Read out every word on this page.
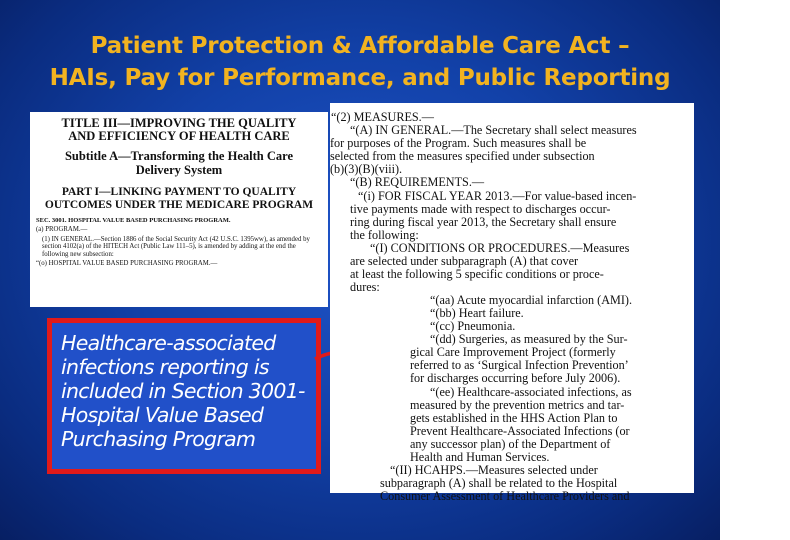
Patient Protection & Affordable Care Act –
HAIs, Pay for Performance, and Public Reporting
TITLE III—IMPROVING THE QUALITY
AND EFFICIENCY OF HEALTH CARE
Subtitle A—Transforming the Health Care
Delivery System
PART I—LINKING PAYMENT TO QUALITY
OUTCOMES UNDER THE MEDICARE PROGRAM
SEC. 3001. HOSPITAL VALUE BASED PURCHASING PROGRAM.
(a) PROGRAM.—
(1) IN GENERAL.—Section 1886 of the Social Security Act (42 U.S.C. 1395ww), as amended by section 4102(a) of the HITECH Act (Public Law 111–5), is amended by adding at the end the following new subsection:
“(o) HOSPITAL VALUE BASED PURCHASING PROGRAM.—
Healthcare-associated infections reporting is included in Section 3001- Hospital Value Based Purchasing Program
“(2) MEASURES.—
“(A) IN GENERAL.—The Secretary shall select measures
for purposes of the Program. Such measures shall be
selected from the measures specified under subsection
(b)(3)(B)(viii).
“(B) REQUIREMENTS.—
“(i) FOR FISCAL YEAR 2013.—For value-based incen-
tive payments made with respect to discharges occur-
ring during fiscal year 2013, the Secretary shall ensure
the following:
“(I) CONDITIONS OR PROCEDURES.—Measures
are selected under subparagraph (A) that cover
at least the following 5 specific conditions or proce-
dures:
“(aa) Acute myocardial infarction (AMI).
“(bb) Heart failure.
“(cc) Pneumonia.
“(dd) Surgeries, as measured by the Sur-
gical Care Improvement Project (formerly
referred to as ‘Surgical Infection Prevention’
for discharges occurring before July 2006).
“(ee) Healthcare-associated infections, as
measured by the prevention metrics and tar-
gets established in the HHS Action Plan to
Prevent Healthcare-Associated Infections (or
any successor plan) of the Department of
Health and Human Services.
“(II) HCAHPS.—Measures selected under
subparagraph (A) shall be related to the Hospital
Consumer Assessment of Healthcare Providers and
